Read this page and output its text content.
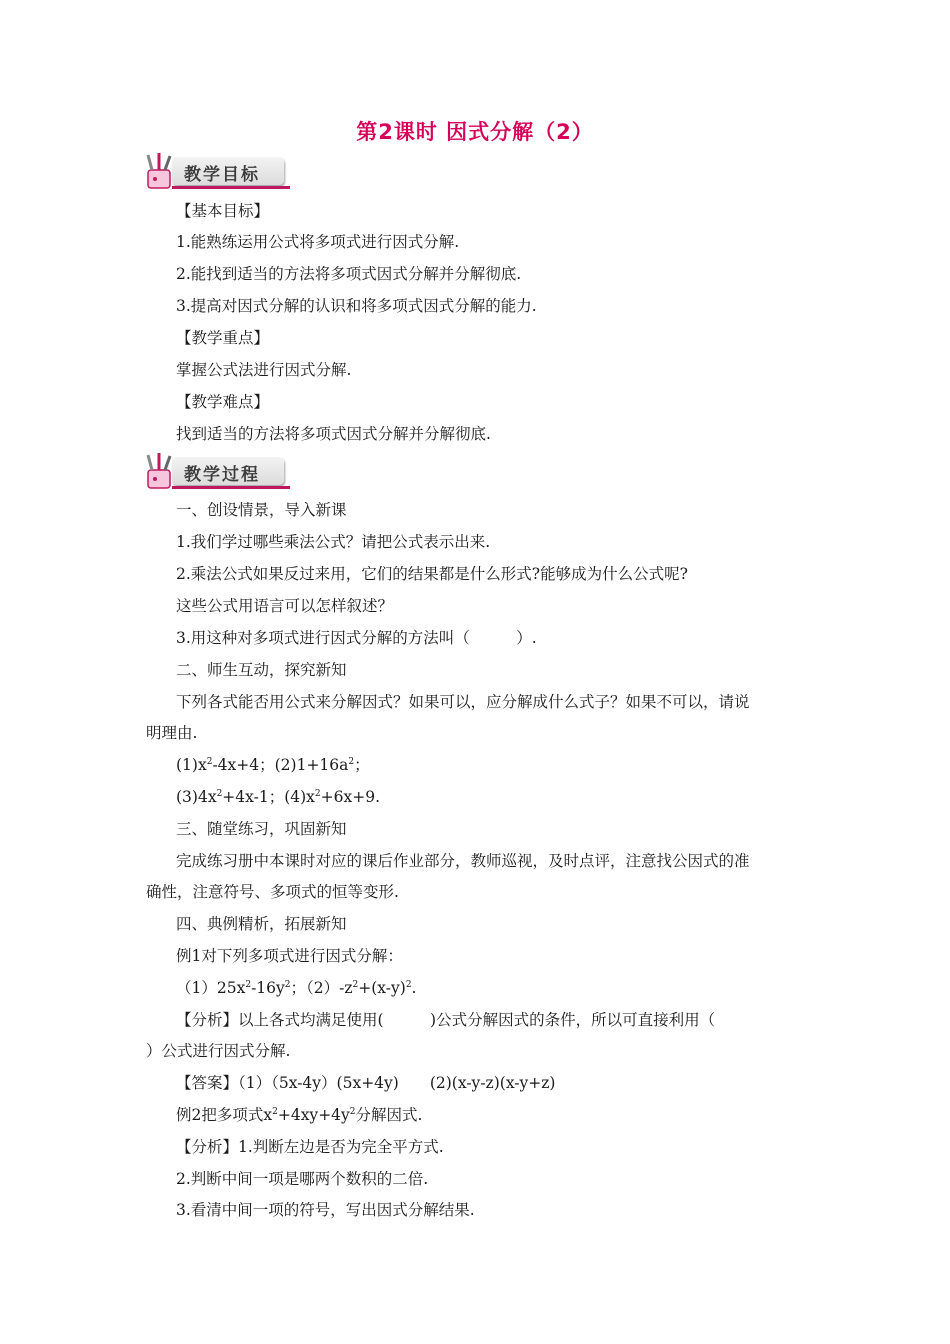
第2课时 因式分解（2）
教学目标
【基本目标】
1.能熟练运用公式将多项式进行因式分解.
2.能找到适当的方法将多项式因式分解并分解彻底.
3.提高对因式分解的认识和将多项式因式分解的能力.
【教学重点】
掌握公式法进行因式分解.
【教学难点】
找到适当的方法将多项式因式分解并分解彻底.
教学过程
一、创设情景，导入新课
1.我们学过哪些乘法公式？请把公式表示出来.
2.乘法公式如果反过来用，它们的结果都是什么形式?能够成为什么公式呢?
这些公式用语言可以怎样叙述？
3.用这种对多项式进行因式分解的方法叫（　　　）.
二、师生互动，探究新知
下列各式能否用公式来分解因式？如果可以，应分解成什么式子？如果不可以，请说
明理由.
$(1)x^2-4x+4$；$(2)1+16a^2$；
$(3)4x^2+4x-1$；$(4)x^2+6x+9$.
三、随堂练习，巩固新知
完成练习册中本课时对应的课后作业部分，教师巡视，及时点评，注意找公因式的准
确性，注意符号、多项式的恒等变形.
四、典例精析，拓展新知
例1对下列多项式进行因式分解：
$(1)25x^2-16y^2$；$(2)-z^2+(x-y)^2$.
【分析】以上各式均满足使用(　　　)公式分解因式的条件，所以可直接利用（
）公式进行因式分解.
【答案】（1）（5x-4y）(5x+4y)　　(2)(x-y-z)(x-y+z)
例2把多项式$x^2+4xy+4y^2$分解因式.
【分析】1.判断左边是否为完全平方式.
2.判断中间一项是哪两个数积的二倍.
3.看清中间一项的符号，写出因式分解结果.
